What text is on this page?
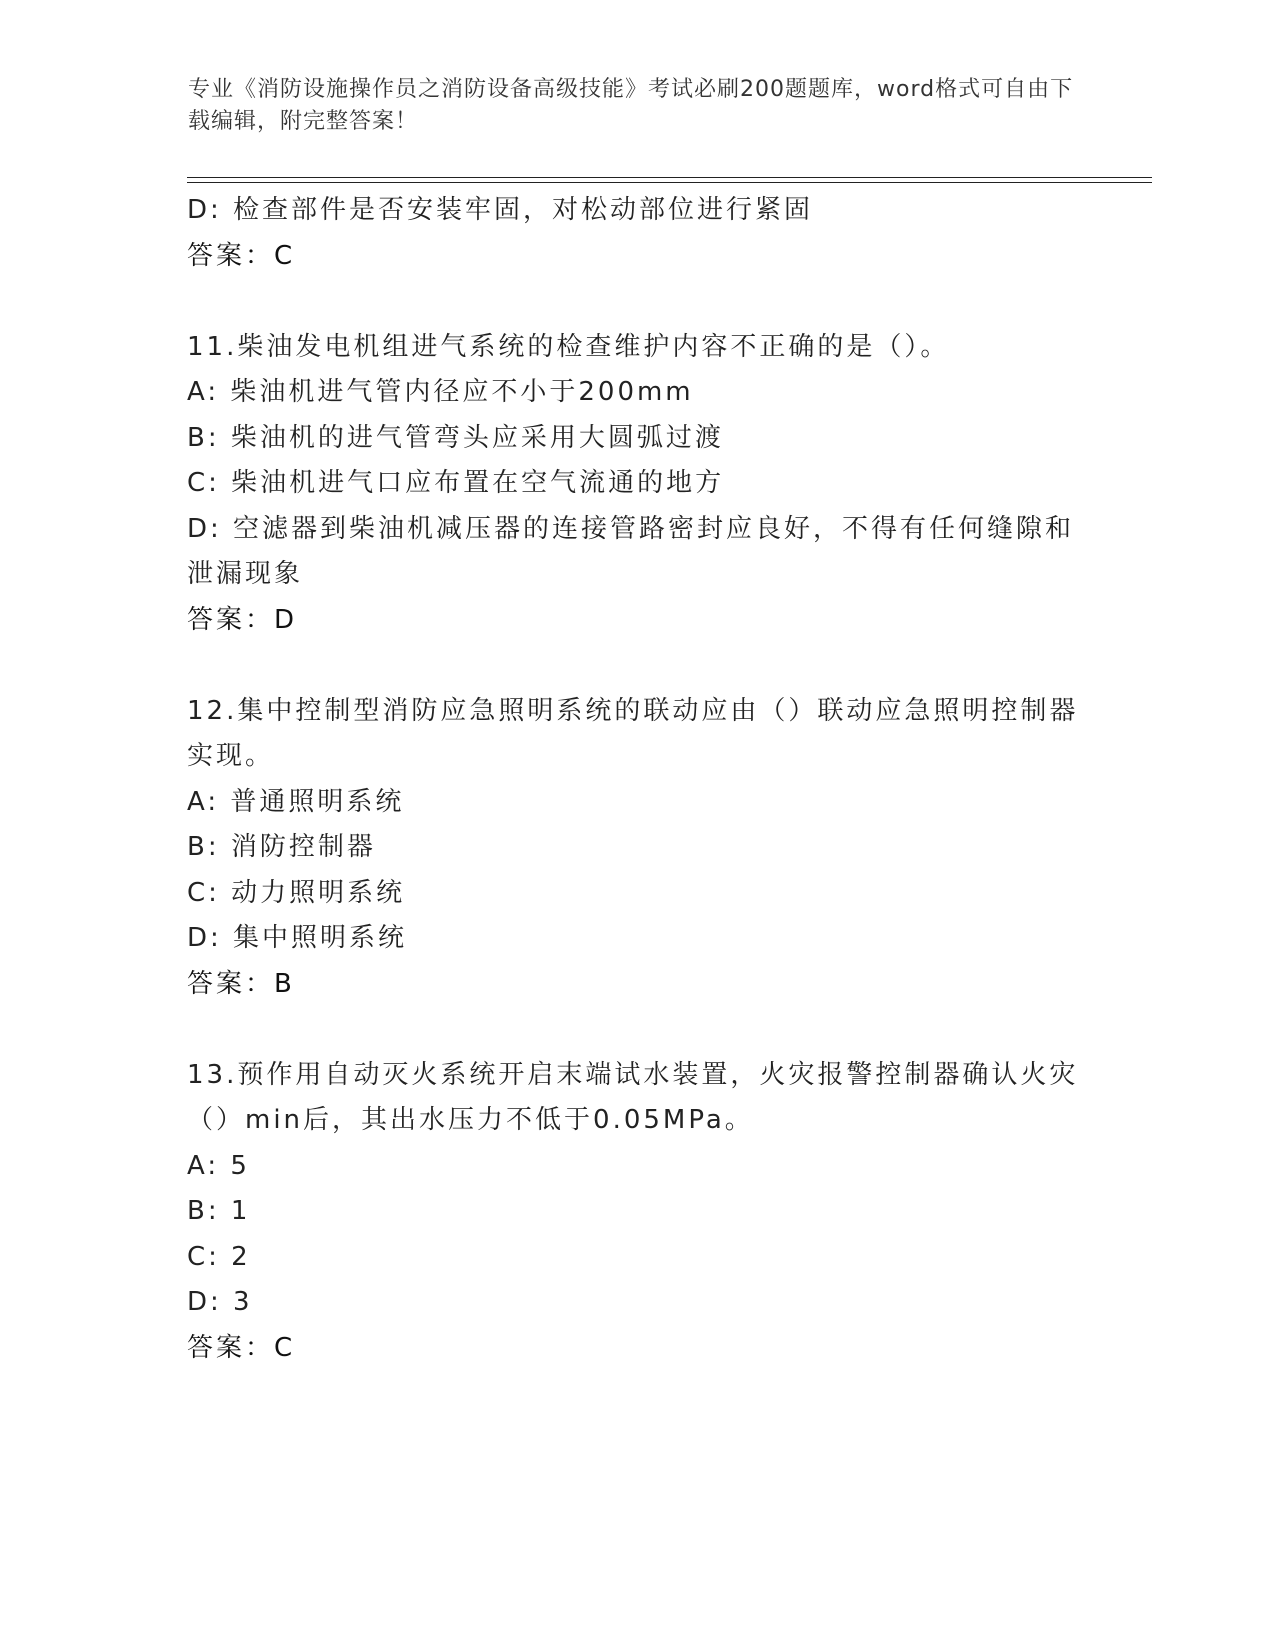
专业《消防设施操作员之消防设备高级技能》考试必刷200题题库，word格式可自由下载编辑，附完整答案！
D: 检查部件是否安装牢固，对松动部位进行紧固
答案：C
11.柴油发电机组进气系统的检查维护内容不正确的是（）。
A: 柴油机进气管内径应不小于200mm
B: 柴油机的进气管弯头应采用大圆弧过渡
C: 柴油机进气口应布置在空气流通的地方
D: 空滤器到柴油机减压器的连接管路密封应良好，不得有任何缝隙和
泄漏现象
答案：D
12.集中控制型消防应急照明系统的联动应由（）联动应急照明控制器
实现。
A: 普通照明系统
B: 消防控制器
C: 动力照明系统
D: 集中照明系统
答案：B
13.预作用自动灭火系统开启末端试水装置，火灾报警控制器确认火灾
（）min后，其出水压力不低于0.05MPa。
A: 5
B: 1
C: 2
D: 3
答案：C
